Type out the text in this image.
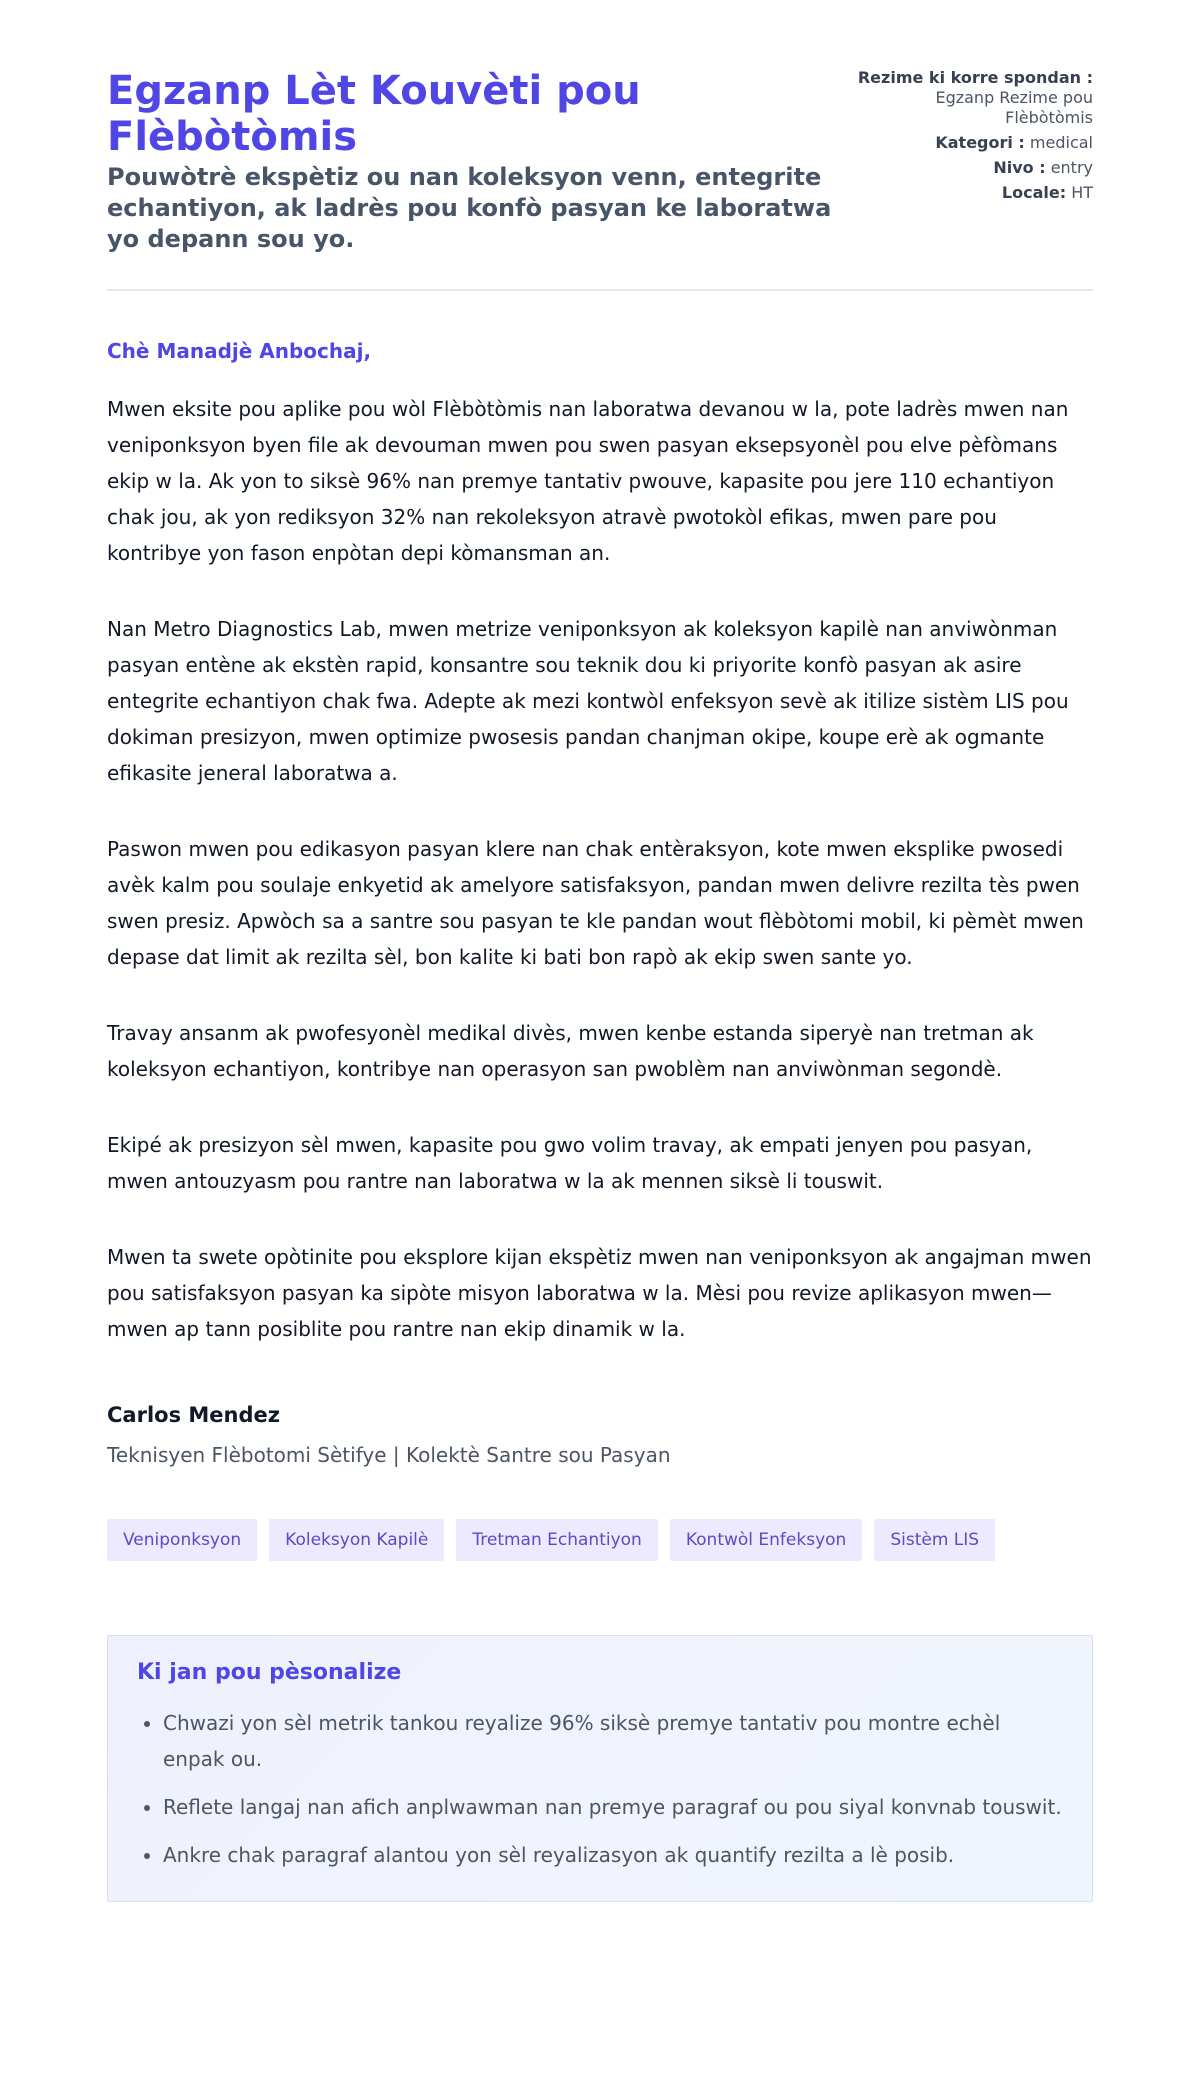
Egzanp Lèt Kouvèti pou Flèbòtòmis
Pouwòtrè ekspètiz ou nan koleksyon venn, entegrite echantiyon, ak ladrès pou konfò pasyan ke laboratwa yo depann sou yo.
Rezime ki korre spondan : Egzanp Rezime pou Flèbòtòmis
Kategori : medical
Nivo : entry
Locale: HT
Chè Manadjè Anbochaj,

Mwen eksite pou aplike pou wòl Flèbòtòmis nan laboratwa devanou w la, pote ladrès mwen nan veniponksyon byen file ak devouman mwen pou swen pasyan eksepsyonèl pou elve pèfòmans ekip w la. Ak yon to siksè 96% nan premye tantativ pwouve, kapasite pou jere 110 echantiyon chak jou, ak yon rediksyon 32% nan rekoleksyon atravè pwotokòl efikas, mwen pare pou kontribye yon fason enpòtan depi kòmansman an.

Nan Metro Diagnostics Lab, mwen metrize veniponksyon ak koleksyon kapilè nan anviwònman pasyan entène ak ekstèn rapid, konsantre sou teknik dou ki priyorite konfò pasyan ak asire entegrite echantiyon chak fwa. Adepte ak mezi kontwòl enfeksyon sevè ak itilize sistèm LIS pou dokiman presizyon, mwen optimize pwosesis pandan chanjman okipe, koupe erè ak ogmante efikasite jeneral laboratwa a.

Paswon mwen pou edikasyon pasyan klere nan chak entèraksyon, kote mwen eksplike pwosedi avèk kalm pou soulaje enkyetid ak amelyore satisfaksyon, pandan mwen delivre rezilta tès pwen swen presiz. Apwòch sa a santre sou pasyan te kle pandan wout flèbòtomi mobil, ki pèmèt mwen depase dat limit ak rezilta sèl, bon kalite ki bati bon rapò ak ekip swen sante yo.

Travay ansanm ak pwofesyonèl medikal divès, mwen kenbe estanda siperyè nan tretman ak koleksyon echantiyon, kontribye nan operasyon san pwoblèm nan anviwònman segondè.

Ekipé ak presizyon sèl mwen, kapasite pou gwo volim travay, ak empati jenyen pou pasyan, mwen antouzyasm pou rantre nan laboratwa w la ak mennen siksè li touswit.

Mwen ta swete opòtinite pou eksplore kijan ekspètiz mwen nan veniponksyon ak angajman mwen pou satisfaksyon pasyan ka sipòte misyon laboratwa w la. Mèsi pou revize aplikasyon mwen—mwen ap tann posiblite pou rantre nan ekip dinamik w la.

Carlos Mendez
Teknisyen Flèbotomi Sètifye | Kolektè Santre sou Pasyan
Veniponksyon	Koleksyon Kapilè	Tretman Echantiyon	Kontwòl Enfeksyon	Sistèm LIS
Ki jan pou pèsonalize
• Chwazi yon sèl metrik tankou reyalize 96% siksè premye tantativ pou montre echèl enpak ou.
• Reflete langaj nan afich anplwawman nan premye paragraf ou pou siyal konvnab touswit.
• Ankre chak paragraf alantou yon sèl reyalizasyon ak quantify rezilta a lè posib.
